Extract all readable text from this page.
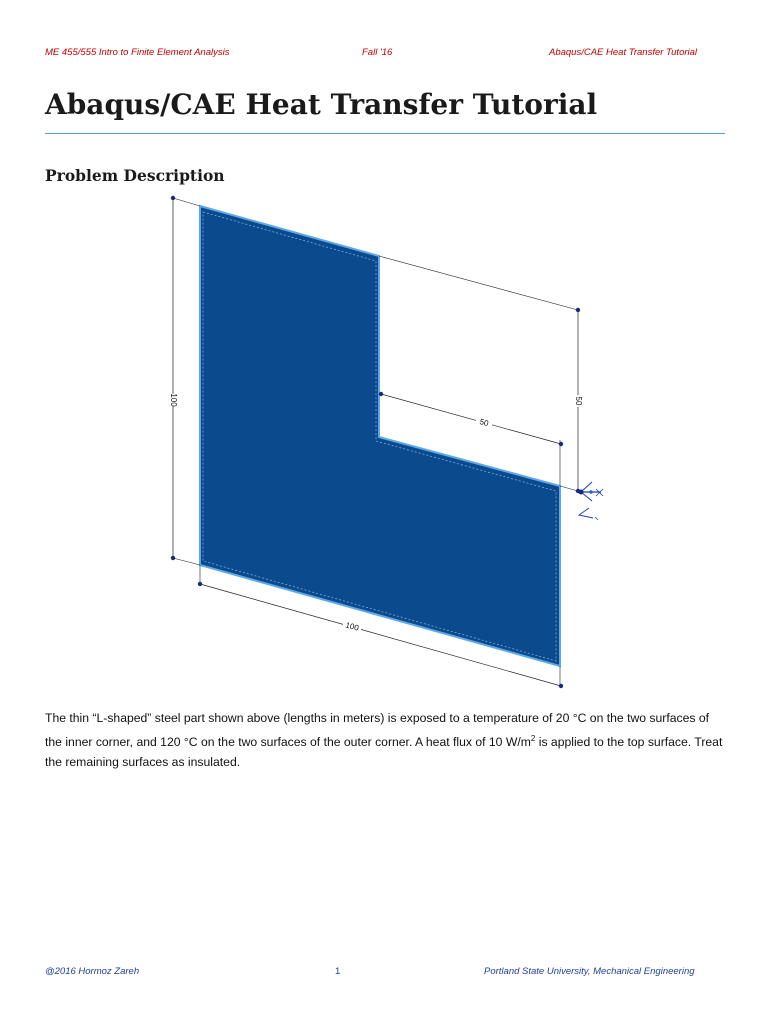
ME 455/555 Intro to Finite Element Analysis	Fall '16	Abaqus/CAE Heat Transfer Tutorial
Abaqus/CAE Heat Transfer Tutorial
Problem Description
100	50
50
100

The thin “L-shaped” steel part shown above (lengths in meters) is exposed to a temperature of 20 °C on the two surfaces of the inner corner, and 120 °C on the two surfaces of the outer corner. A heat flux of 10 $W/m^2$ is applied to the top surface. Treat the remaining surfaces as insulated.

@2016 Hormoz Zareh	1	Portland State University, Mechanical Engineering
